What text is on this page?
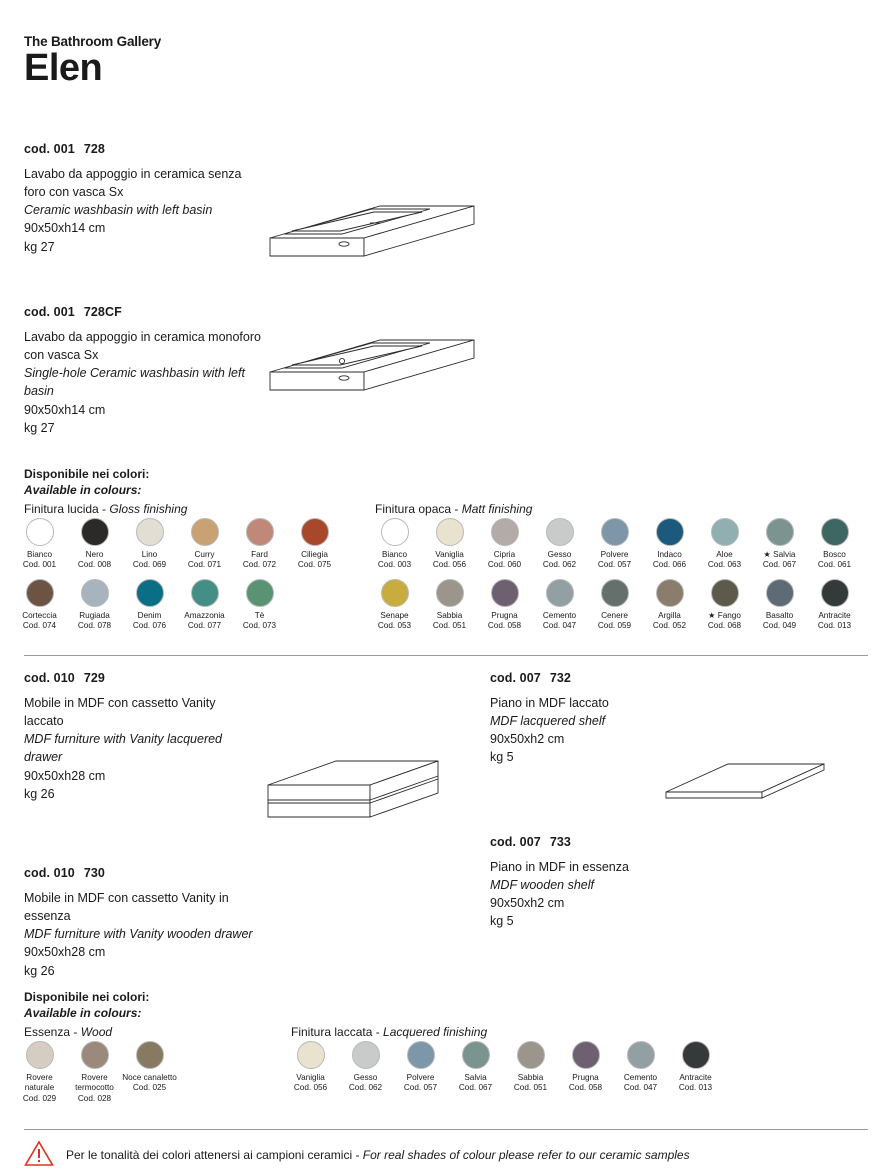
The Bathroom Gallery
Elen
cod. 001 728
Lavabo da appoggio in ceramica senza foro con vasca Sx
Ceramic washbasin with left basin
90x50xh14 cm
kg 27
cod. 001 728CF
Lavabo da appoggio in ceramica monoforo con vasca Sx
Single-hole Ceramic washbasin with left basin
90x50xh14 cm
kg 27
Disponibile nei colori:
Available in colours:
Finitura lucida - Gloss finishing
Bianco
Cod. 001
Nero
Cod. 008
Lino
Cod. 069
Curry
Cod. 071
Fard
Cod. 072
Ciliegia
Cod. 075
Corteccia
Cod. 074
Rugiada
Cod. 078
Denim
Cod. 076
Amazzonia
Cod. 077
Tè
Cod. 073
Finitura opaca - Matt finishing
Bianco
Cod. 003
Vaniglia
Cod. 056
Cipria
Cod. 060
Gesso
Cod. 062
Polvere
Cod. 057
Indaco
Cod. 066
Aloe
Cod. 063
★ Salvia
Cod. 067
Bosco
Cod. 061
Senape
Cod. 053
Sabbia
Cod. 051
Prugna
Cod. 058
Cemento
Cod. 047
Cenere
Cod. 059
Argilla
Cod. 052
★ Fango
Cod. 068
Basalto
Cod. 049
Antracite
Cod. 013
cod. 010 729
Mobile in MDF con cassetto Vanity laccato
MDF furniture with Vanity lacquered drawer
90x50xh28 cm
kg 26
cod. 010 730
Mobile in MDF con cassetto Vanity in essenza
MDF furniture with Vanity wooden drawer
90x50xh28 cm
kg 26
cod. 007 732
Piano in MDF laccato
MDF lacquered shelf
90x50xh2 cm
kg 5
cod. 007 733
Piano in MDF in essenza
MDF wooden shelf
90x50xh2 cm
kg 5
Disponibile nei colori:
Available in colours:
Essenza - Wood
Rovere naturale
Cod. 029
Rovere termocotto
Cod. 028
Noce canaletto
Cod. 025
Finitura laccata - Lacquered finishing
Vaniglia
Cod. 056
Gesso
Cod. 062
Polvere
Cod. 057
Salvia
Cod. 067
Sabbia
Cod. 051
Prugna
Cod. 058
Cemento
Cod. 047
Antracite
Cod. 013
Per le tonalità dei colori attenersi ai campioni ceramici - For real shades of colour please refer to our ceramic samples
